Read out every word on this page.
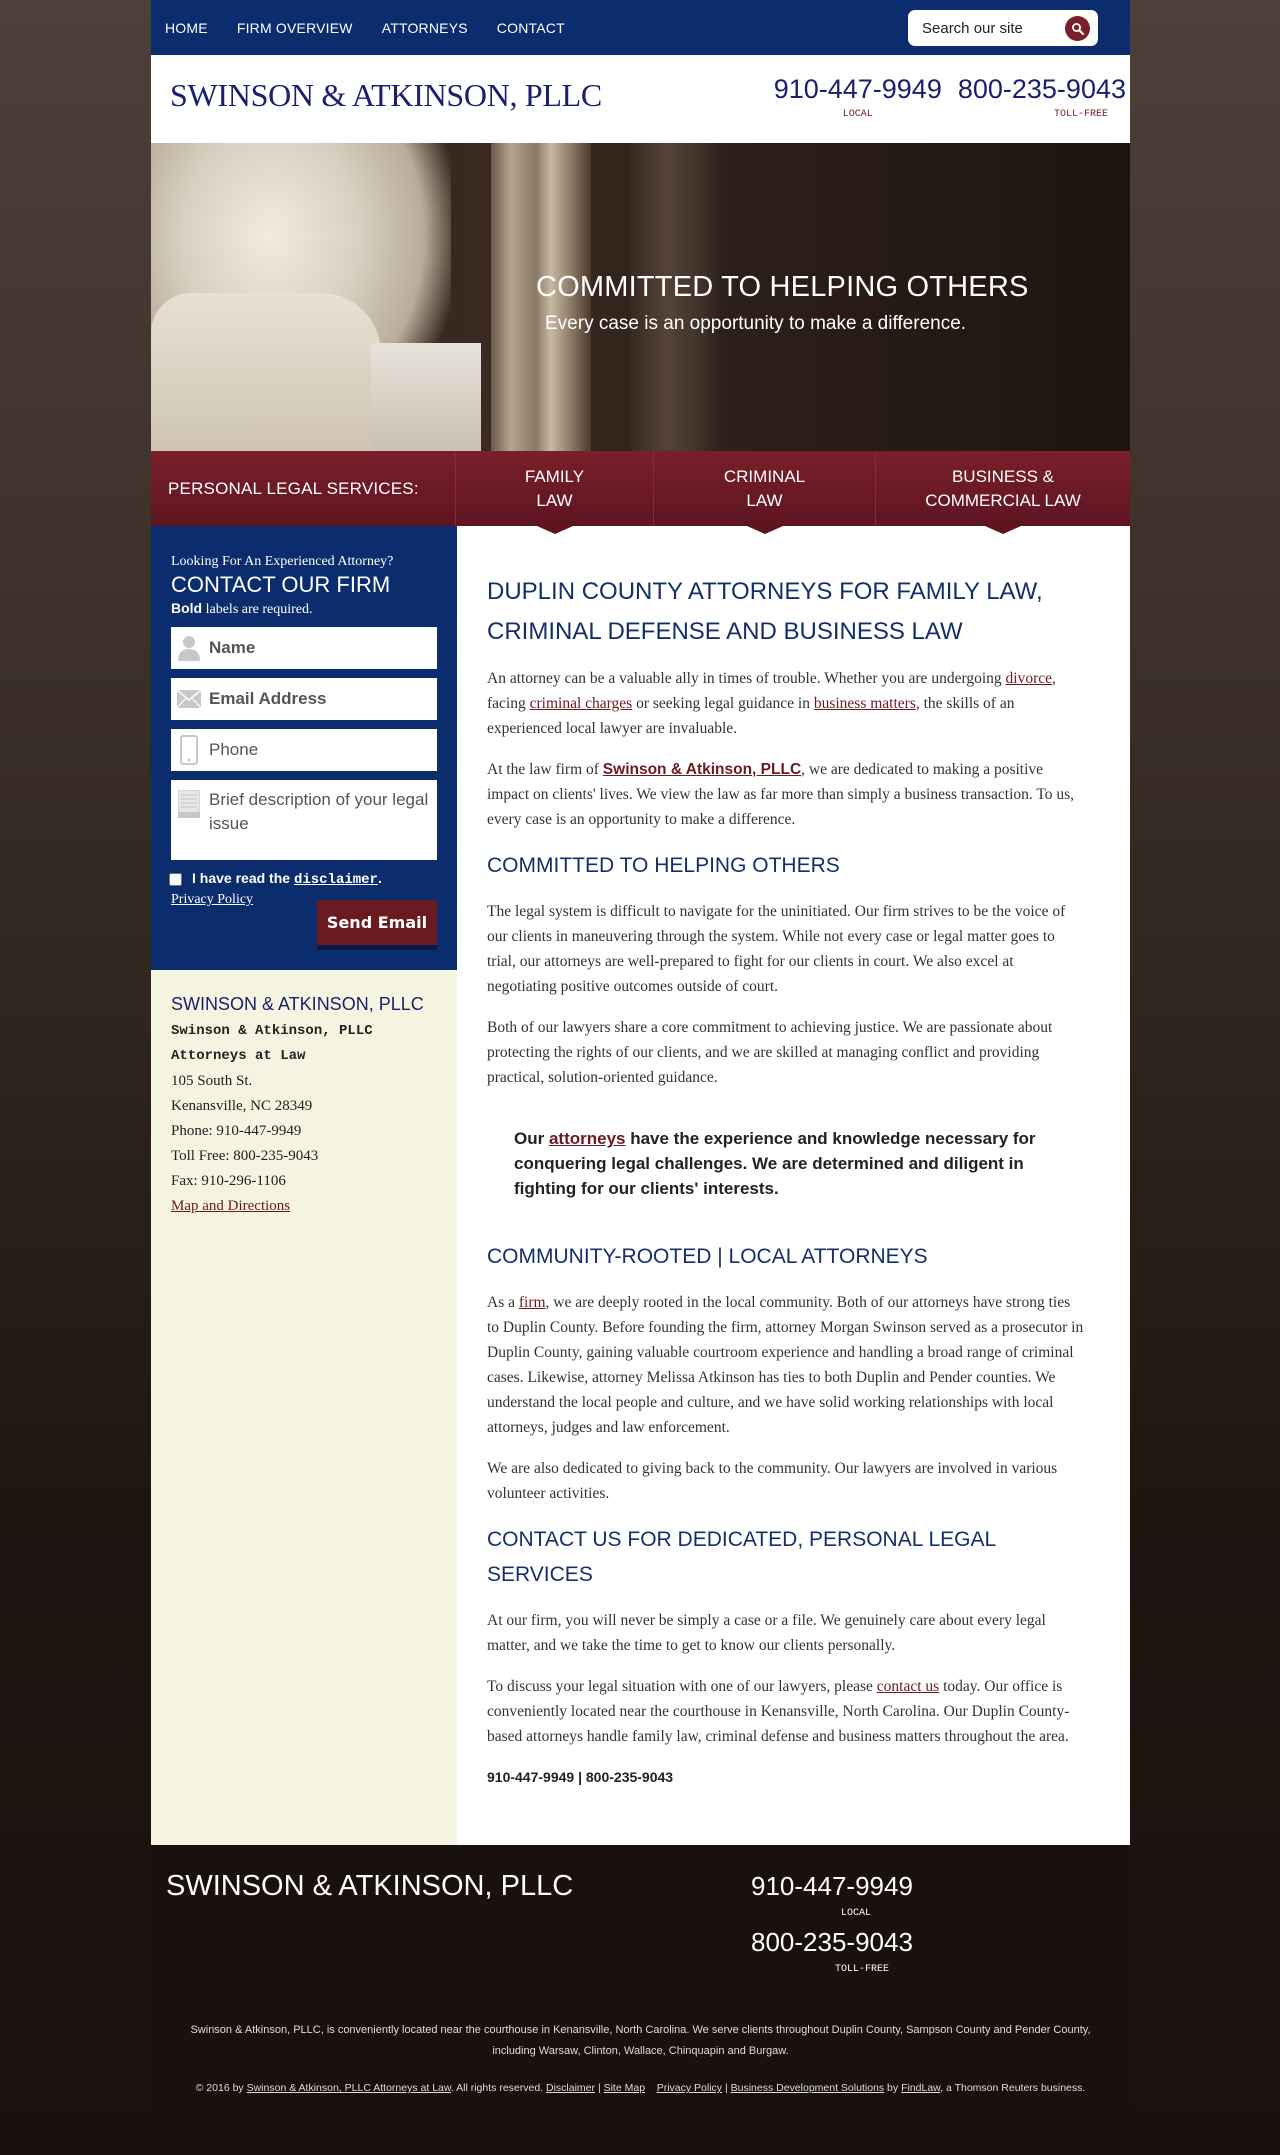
HOME FIRM OVERVIEW ATTORNEYS CONTACT
Search our site
SWINSON & ATKINSON, PLLC	910-447-9949
LOCAL
800-235-9043
TOLL-FREE
COMMITTED TO HELPING OTHERS
Every case is an opportunity to make a difference.
PERSONAL LEGAL SERVICES:
FAMILY
LAW
CRIMINAL
LAW
BUSINESS &
COMMERCIAL LAW
Looking For An Experienced Attorney?
CONTACT OUR FIRM
Bold labels are required.
Name
Email Address
Phone
Brief description of your legal issue
I have read the disclaimer.
Privacy Policy
Send Email
SWINSON & ATKINSON, PLLC
Swinson & Atkinson, PLLC
Attorneys at Law
105 South St.
Kenansville, NC 28349
Phone: 910-447-9949
Toll Free: 800-235-9043
Fax: 910-296-1106
Map and Directions
DUPLIN COUNTY ATTORNEYS FOR FAMILY LAW, CRIMINAL DEFENSE AND BUSINESS LAW

An attorney can be a valuable ally in times of trouble. Whether you are undergoing divorce, facing criminal charges or seeking legal guidance in business matters, the skills of an experienced local lawyer are invaluable.

At the law firm of Swinson & Atkinson, PLLC, we are dedicated to making a positive impact on clients' lives. We view the law as far more than simply a business transaction. To us, every case is an opportunity to make a difference.

COMMITTED TO HELPING OTHERS

The legal system is difficult to navigate for the uninitiated. Our firm strives to be the voice of our clients in maneuvering through the system. While not every case or legal matter goes to trial, our attorneys are well-prepared to fight for our clients in court. We also excel at negotiating positive outcomes outside of court.

Both of our lawyers share a core commitment to achieving justice. We are passionate about protecting the rights of our clients, and we are skilled at managing conflict and providing practical, solution-oriented guidance.

Our attorneys have the experience and knowledge necessary for conquering legal challenges. We are determined and diligent in fighting for our clients' interests.
COMMUNITY-ROOTED | LOCAL ATTORNEYS

As a firm, we are deeply rooted in the local community. Both of our attorneys have strong ties to Duplin County. Before founding the firm, attorney Morgan Swinson served as a prosecutor in Duplin County, gaining valuable courtroom experience and handling a broad range of criminal cases. Likewise, attorney Melissa Atkinson has ties to both Duplin and Pender counties. We understand the local people and culture, and we have solid working relationships with local attorneys, judges and law enforcement.

We are also dedicated to giving back to the community. Our lawyers are involved in various volunteer activities.

CONTACT US FOR DEDICATED, PERSONAL LEGAL SERVICES

At our firm, you will never be simply a case or a file. We genuinely care about every legal matter, and we take the time to get to know our clients personally.

To discuss your legal situation with one of our lawyers, please contact us today. Our office is conveniently located near the courthouse in Kenansville, North Carolina. Our Duplin County-based attorneys handle family law, criminal defense and business matters throughout the area.

910-447-9949 | 800-235-9043
SWINSON & ATKINSON, PLLC	910-447-9949
LOCAL
800-235-9043
TOLL-FREE
Swinson & Atkinson, PLLC, is conveniently located near the courthouse in Kenansville, North Carolina. We serve clients throughout Duplin County, Sampson County and Pender County, including Warsaw, Clinton, Wallace, Chinquapin and Burgaw.
© 2016 by Swinson & Atkinson, PLLC Attorneys at Law. All rights reserved. Disclaimer | Site Map Privacy Policy | Business Development Solutions by FindLaw, a Thomson Reuters business.
